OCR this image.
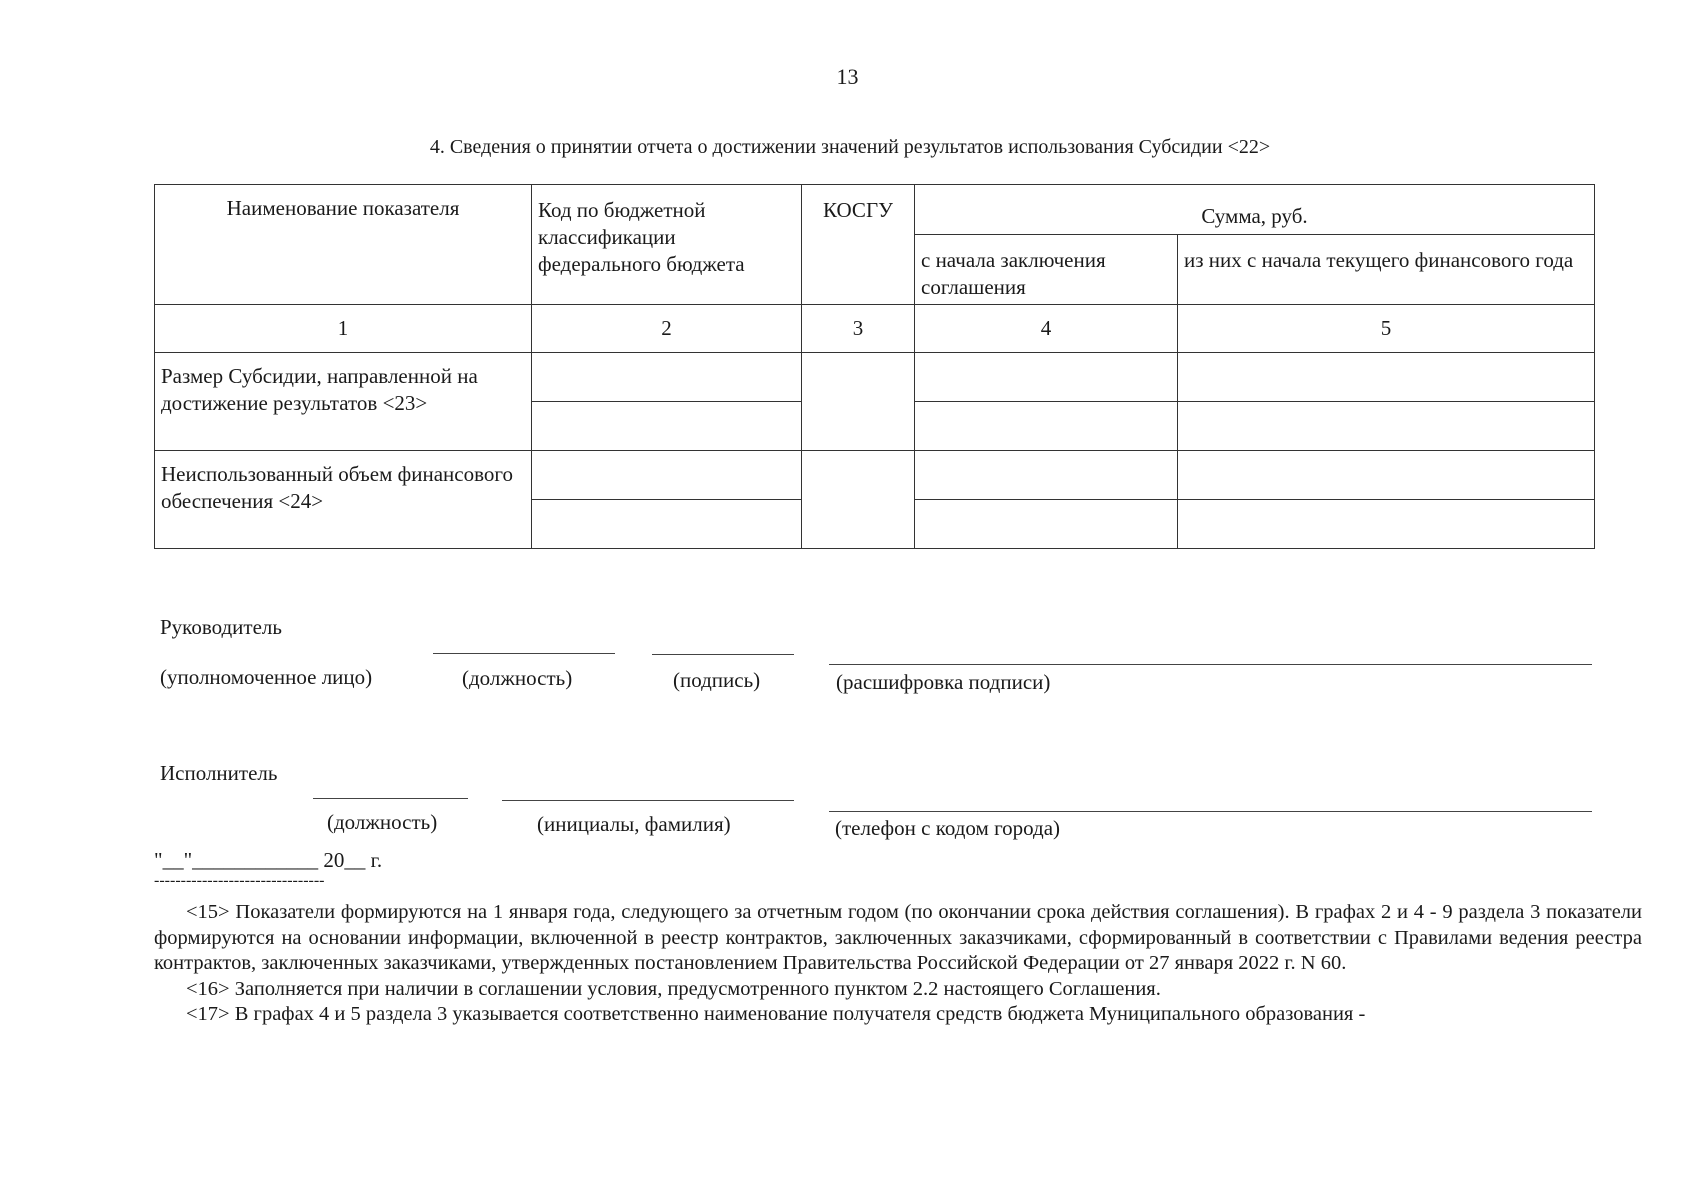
13
4. Сведения о принятии отчета о достижении значений результатов использования Субсидии <22>
Наименование показателя	Код по бюджетной классификации федерального бюджета	КОСГУ	Сумма, руб.	
			с начала заключения соглашения	из них с начала текущего финансового года
1	2	3	4	5
Размер Субсидии, направленной на достижение результатов <23>				

Неиспользованный объем финансового обеспечения <24>				

Руководитель
(уполномоченное лицо)	(должность)	(подпись)	(расшифровка подписи)
Исполнитель
(должность)	(инициалы, фамилия)	(телефон с кодом города)
"__"____________ 20__ г.
--------------------------------

<15> Показатели формируются на 1 января года, следующего за отчетным годом (по окончании срока действия соглашения). В графах 2 и 4 - 9 раздела 3 показатели формируются на основании информации, включенной в реестр контрактов, заключенных заказчиками, сформированный в соответствии с Правилами ведения реестра контрактов, заключенных заказчиками, утвержденных постановлением Правительства Российской Федерации от 27 января 2022 г. N 60.

<16> Заполняется при наличии в соглашении условия, предусмотренного пунктом 2.2 настоящего Соглашения.

<17> В графах 4 и 5 раздела 3 указывается соответственно наименование получателя средств бюджета Муниципального образования -
